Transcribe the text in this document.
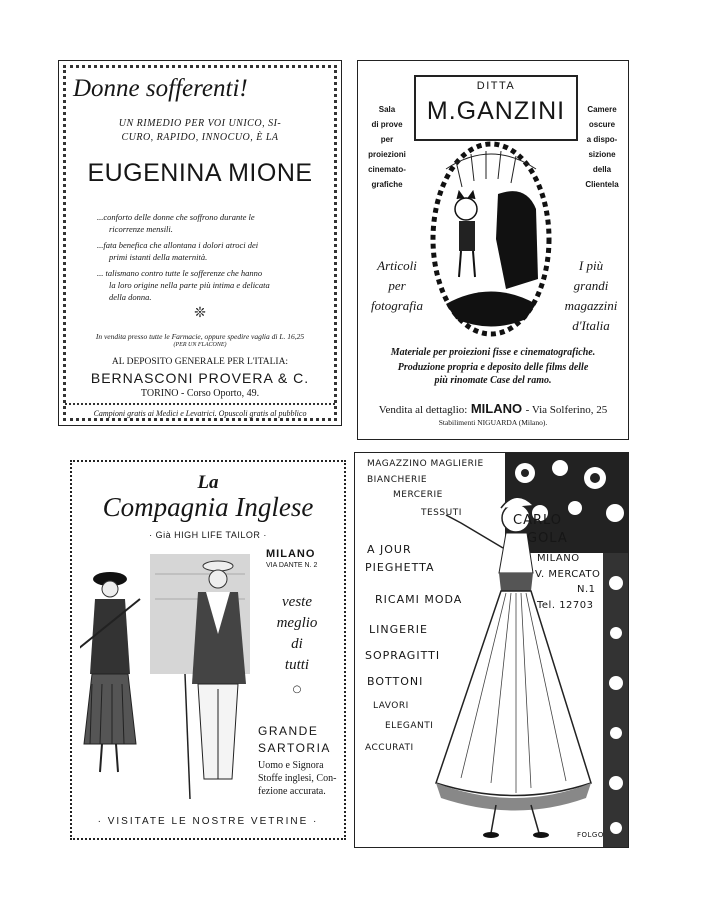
Donne sofferenti!
UN RIMEDIO PER VOI UNICO, SI-
CURO, RAPIDO, INNOCUO, È LA
EUGENINA MIONE
...conforto delle donne che soffrono durante le
ricorrenze mensili.
...fata benefica che allontana i dolori atroci dei
primi istanti della maternità.
... talismano contro tutte le sofferenze che hanno
la loro origine nella parte più intima e delicata
della donna.
❊
In vendita presso tutte le Farmacie, oppure spedire vaglia di L. 16,25
(PER UN FLACONE)
AL DEPOSITO GENERALE PER L'ITALIA:
BERNASCONI PROVERA & C.
TORINO - Corso Oporto, 49.
Campioni gratis ai Medici e Levatrici. Opuscoli gratis al pubblico
DITTA
M.GANZINI
Sala
di prove
per
proiezioni
cinemato-
grafiche
Camere
oscure
a dispo-
sizione
della
Clientela
Articoli
per
fotografia
I più
grandi
magazzini
d'Italia
Materiale per proiezioni fisse e cinematografiche.
Produzione propria e deposito delle films delle
più rinomate Case del ramo.
Vendita al dettaglio: MILANO - Via Solferino, 25
Stabilimenti NIGUARDA (Milano).
La
Compagnia Inglese
· Già HIGH LIFE TAILOR ·
MILANO
VIA DANTE N. 2
veste
meglio
di
tutti
○
GRANDE
SARTORIA
Uomo e Signora
Stoffe inglesi, Con-
fezione accurata.
· VISITATE LE NOSTRE VETRINE ·
MAGAZZINO MAGLIERIE
BIANCHERIE
MERCERIE
TESSUTI	CARLO
GOLA
MILANO
V. MERCATO
N.1
Tel. 12703
A JOUR
PIEGHETTA
RICAMI MODA
LINGERIE
SOPRAGITTI
BOTTONI
LAVORI
ELEGANTI
ACCURATI
FOLGO
